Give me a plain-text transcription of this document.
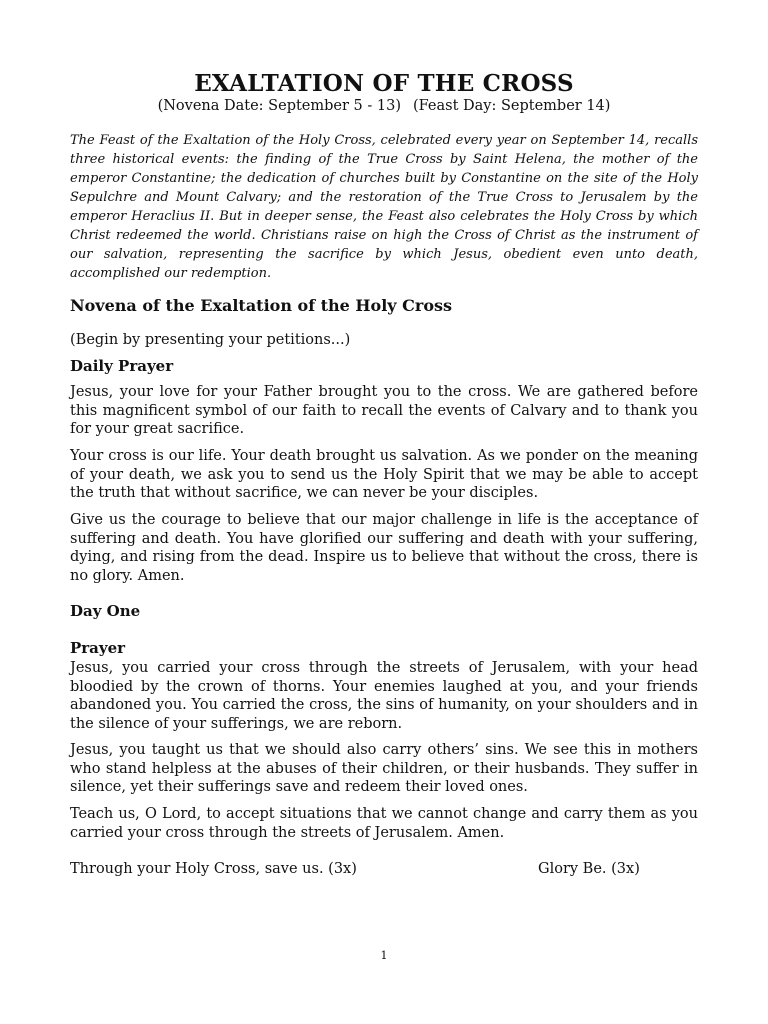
EXALTATION OF THE CROSS

(Novena Date: September 5 - 13) (Feast Day: September 14)

The Feast of the Exaltation of the Holy Cross, celebrated every year on September 14, recalls three historical events: the finding of the True Cross by Saint Helena, the mother of the emperor Constantine; the dedication of churches built by Constantine on the site of the Holy Sepulchre and Mount Calvary; and the restoration of the True Cross to Jerusalem by the emperor Heraclius II. But in deeper sense, the Feast also celebrates the Holy Cross by which Christ redeemed the world. Christians raise on high the Cross of Christ as the instrument of our salvation, representing the sacrifice by which Jesus, obedient even unto death, accomplished our redemption.

Novena of the Exaltation of the Holy Cross

(Begin by presenting your petitions...)

Daily Prayer

Jesus, your love for your Father brought you to the cross. We are gathered before this magnificent symbol of our faith to recall the events of Calvary and to thank you for your great sacrifice.

Your cross is our life. Your death brought us salvation. As we ponder on the meaning of your death, we ask you to send us the Holy Spirit that we may be able to accept the truth that without sacrifice, we can never be your disciples.

Give us the courage to believe that our major challenge in life is the acceptance of suffering and death. You have glorified our suffering and death with your suffering, dying, and rising from the dead. Inspire us to believe that without the cross, there is no glory. Amen.

Day One
Prayer

Jesus, you carried your cross through the streets of Jerusalem, with your head bloodied by the crown of thorns. Your enemies laughed at you, and your friends abandoned you. You carried the cross, the sins of humanity, on your shoulders and in the silence of your sufferings, we are reborn.

Jesus, you taught us that we should also carry others’ sins. We see this in mothers who stand helpless at the abuses of their children, or their husbands. They suffer in silence, yet their sufferings save and redeem their loved ones.

Teach us, O Lord, to accept situations that we cannot change and carry them as you carried your cross through the streets of Jerusalem. Amen.

Through your Holy Cross, save us. (3x)	Glory Be. (3x)

1
